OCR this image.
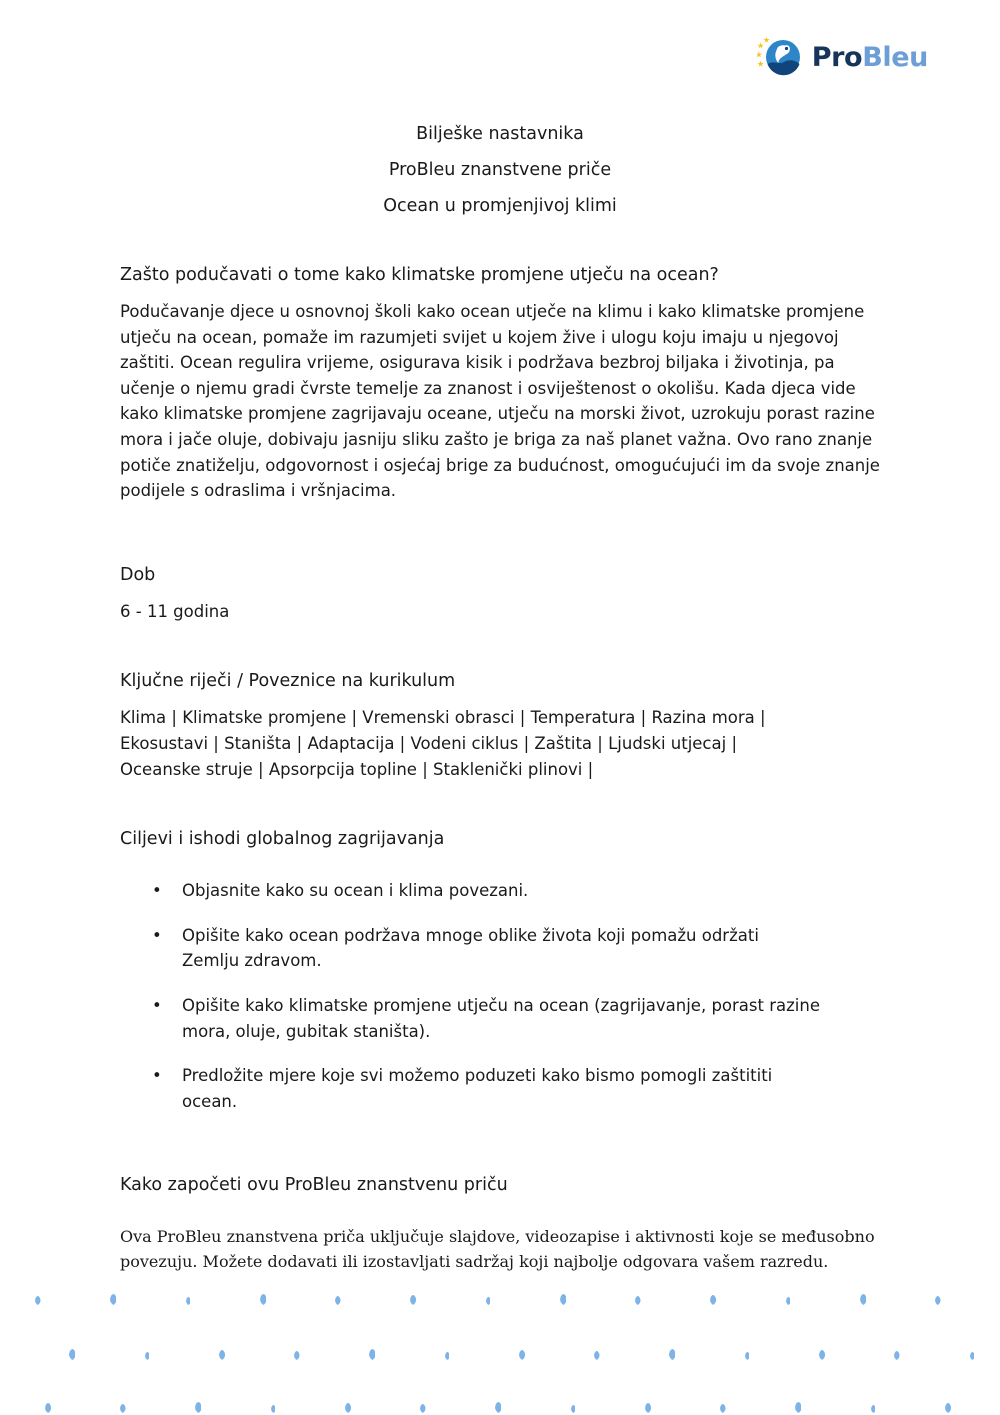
ProBleu
Bilješke nastavnika
ProBleu znanstvene priče
Ocean u promjenjivoj klimi
Zašto podučavati o tome kako klimatske promjene utječu na ocean?

Podučavanje djece u osnovnoj školi kako ocean utječe na klimu i kako klimatske promjene utječu na ocean, pomaže im razumjeti svijet u kojem žive i ulogu koju imaju u njegovoj zaštiti. Ocean regulira vrijeme, osigurava kisik i podržava bezbroj biljaka i životinja, pa učenje o njemu gradi čvrste temelje za znanost i osviještenost o okolišu. Kada djeca vide kako klimatske promjene zagrijavaju oceane, utječu na morski život, uzrokuju porast razine mora i jače oluje, dobivaju jasniju sliku zašto je briga za naš planet važna. Ovo rano znanje potiče znatiželju, odgovornost i osjećaj brige za budućnost, omogućujući im da svoje znanje podijele s odraslima i vršnjacima.

Dob

6 - 11 godina

Ključne riječi / Poveznice na kurikulum

Klima | Klimatske promjene | Vremenski obrasci | Temperatura | Razina mora |

Ekosustavi | Staništa | Adaptacija | Vodeni ciklus | Zaštita | Ljudski utjecaj |

Oceanske struje | Apsorpcija topline | Staklenički plinovi |

Ciljevi i ishodi globalnog zagrijavanja
• Objasnite kako su ocean i klima povezani.
• Opišite kako ocean podržava mnoge oblike života koji pomažu održati Zemlju zdravom.
• Opišite kako klimatske promjene utječu na ocean (zagrijavanje, porast razine mora, oluje, gubitak staništa).
• Predložite mjere koje svi možemo poduzeti kako bismo pomogli zaštititi ocean.
Kako započeti ovu ProBleu znanstvenu priču

Ova ProBleu znanstvena priča uključuje slajdove, videozapise i aktivnosti koje se međusobno povezuju. Možete dodavati ili izostavljati sadržaj koji najbolje odgovara vašem razredu.
